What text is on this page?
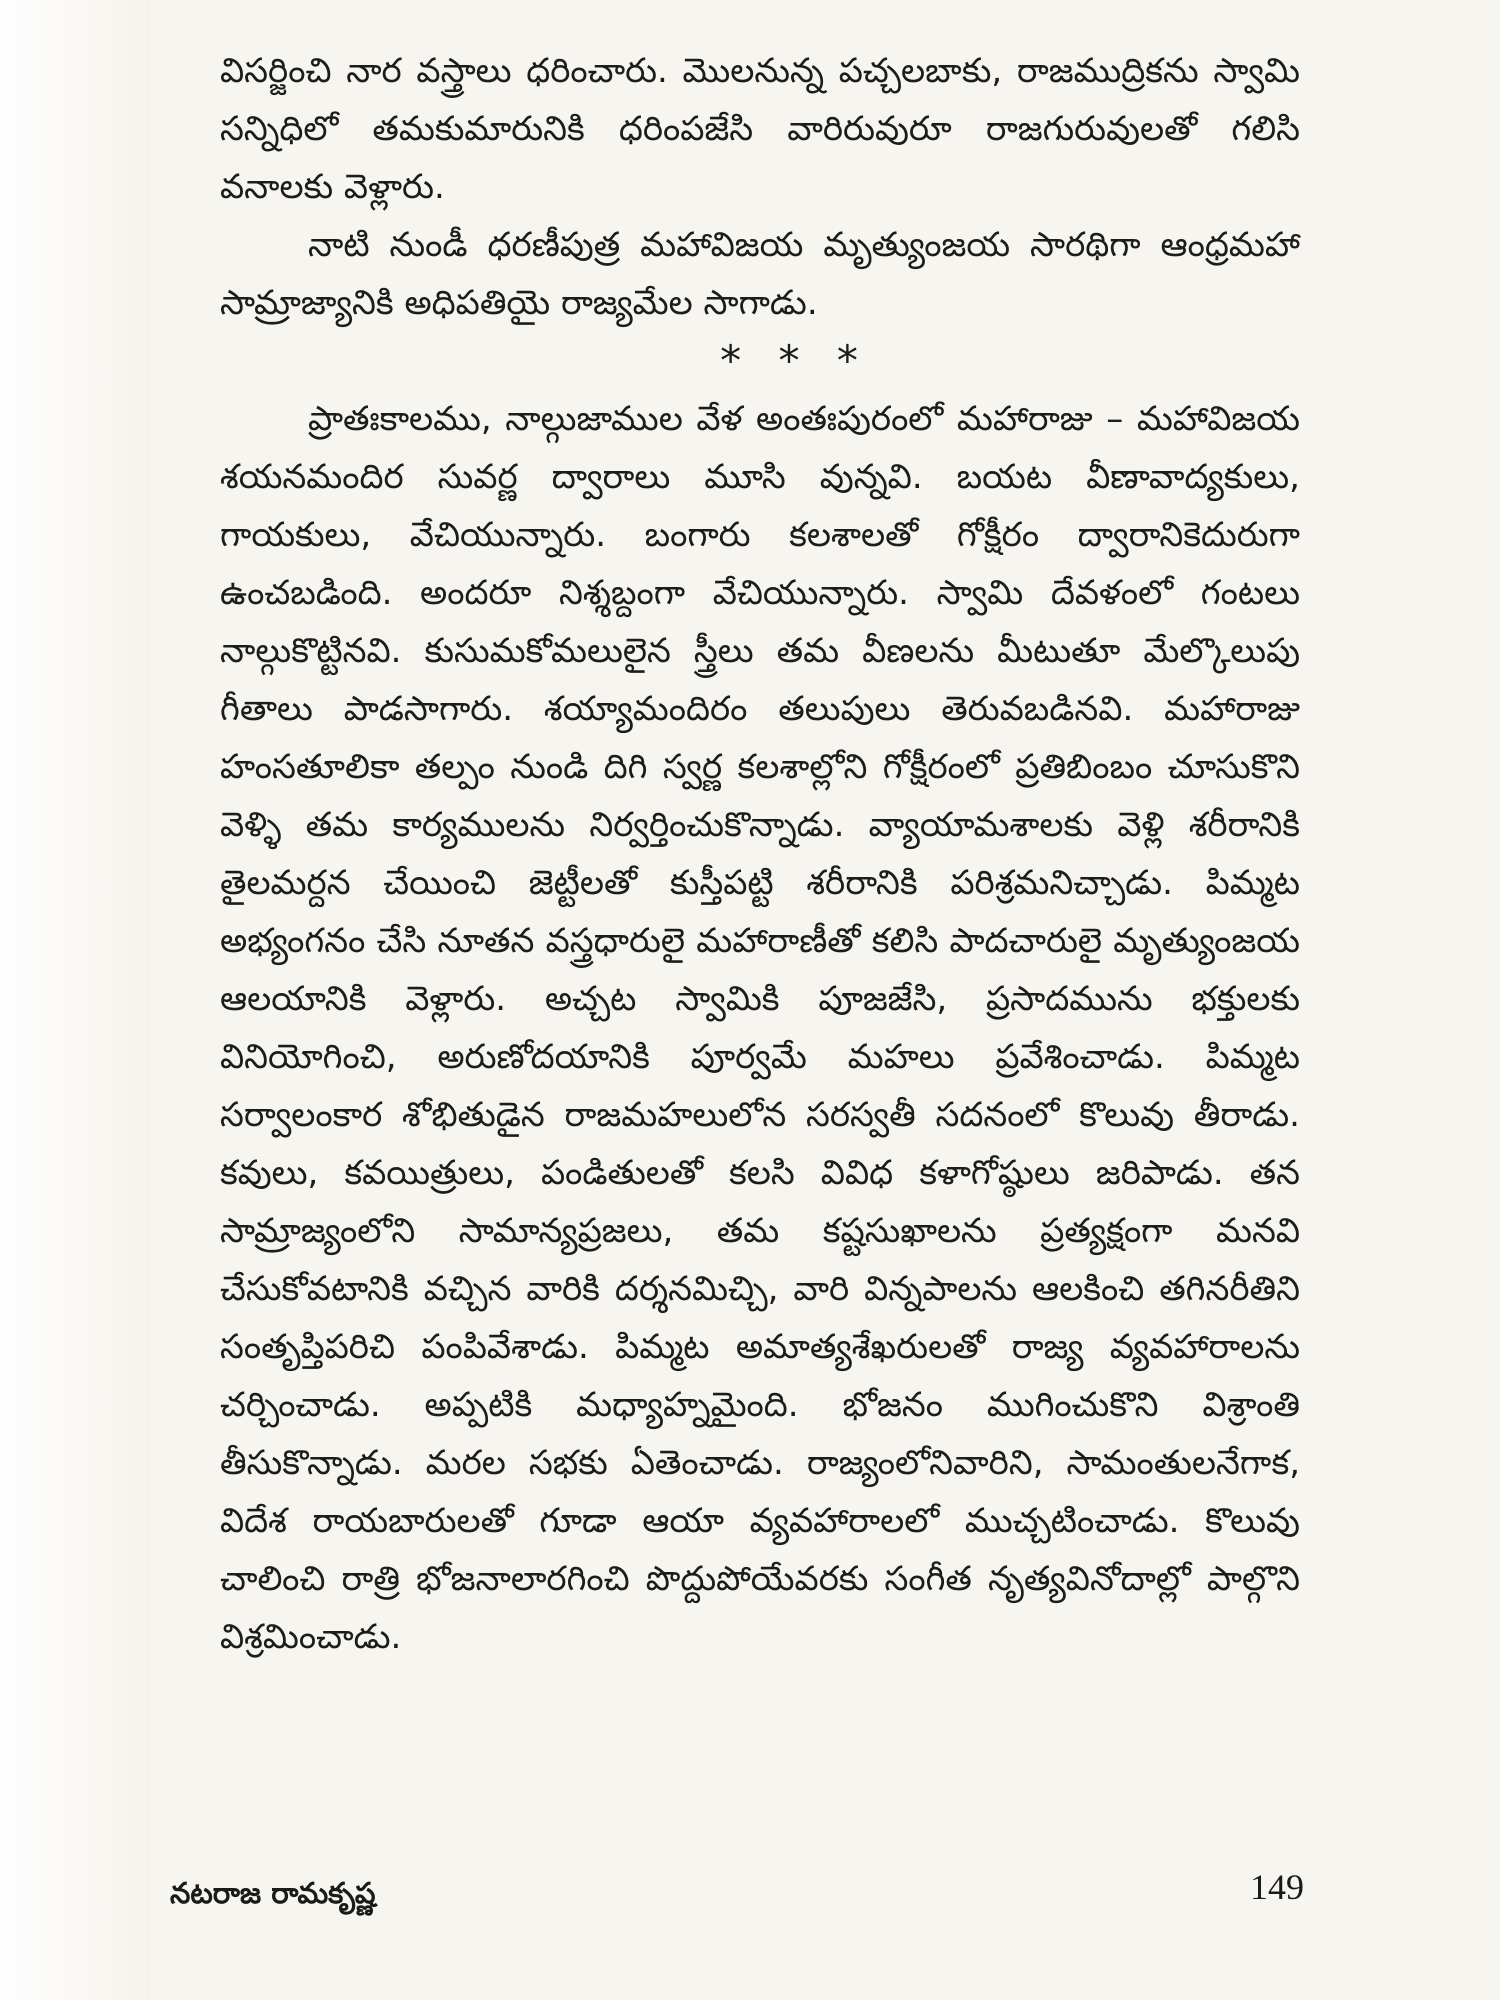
విసర్జించి నార వస్త్రాలు ధరించారు. మొలనున్న పచ్చలబాకు, రాజముద్రికను స్వామి సన్నిధిలో తమకుమారునికి ధరింపజేసి వారిరువురూ రాజగురువులతో గలిసి వనాలకు వెళ్లారు.

నాటి నుండీ ధరణీపుత్ర మహావిజయ మృత్యుంజయ సారథిగా ఆంధ్రమహా సామ్రాజ్యానికి అధిపతియై రాజ్యమేల సాగాడు.

* * *

ప్రాతఃకాలము, నాల్గుజాముల వేళ అంతఃపురంలో మహారాజు – మహావిజయ శయనమందిర సువర్ణ ద్వారాలు మూసి వున్నవి. బయట వీణావాద్యకులు, గాయకులు, వేచియున్నారు. బంగారు కలశాలతో గోక్షీరం ద్వారానికెదురుగా ఉంచబడింది. అందరూ నిశ్శబ్దంగా వేచియున్నారు. స్వామి దేవళంలో గంటలు నాల్గుకొట్టినవి. కుసుమకోమలులైన స్త్రీలు తమ వీణలను మీటుతూ మేల్కొలుపు గీతాలు పాడసాగారు. శయ్యామందిరం తలుపులు తెరువబడినవి. మహారాజు హంసతూలికా తల్పం నుండి దిగి స్వర్ణ కలశాల్లోని గోక్షీరంలో ప్రతిబింబం చూసుకొని వెళ్ళి తమ కార్యములను నిర్వర్తించుకొన్నాడు. వ్యాయామశాలకు వెళ్లి శరీరానికి తైలమర్దన చేయించి జెట్టీలతో కుస్తీపట్టి శరీరానికి పరిశ్రమనిచ్చాడు. పిమ్మట అభ్యంగనం చేసి నూతన వస్త్రధారులై మహారాణీతో కలిసి పాదచారులై మృత్యుంజయ ఆలయానికి వెళ్లారు. అచ్చట స్వామికి పూజజేసి, ప్రసాదమును భక్తులకు వినియోగించి, అరుణోదయానికి పూర్వమే మహలు ప్రవేశించాడు. పిమ్మట సర్వాలంకార శోభితుడైన రాజమహలులోన సరస్వతీ సదనంలో కొలువు తీరాడు. కవులు, కవయిత్రులు, పండితులతో కలసి వివిధ కళాగోష్ఠులు జరిపాడు. తన సామ్రాజ్యంలోని సామాన్యప్రజలు, తమ కష్టసుఖాలను ప్రత్యక్షంగా మనవి చేసుకోవటానికి వచ్చిన వారికి దర్శనమిచ్చి, వారి విన్నపాలను ఆలకించి తగినరీతిని సంతృప్తిపరిచి పంపివేశాడు. పిమ్మట అమాత్యశేఖరులతో రాజ్య వ్యవహారాలను చర్చించాడు. అప్పటికి మధ్యాహ్నమైంది. భోజనం ముగించుకొని విశ్రాంతి తీసుకొన్నాడు. మరల సభకు ఏతెంచాడు. రాజ్యంలోనివారిని, సామంతులనేగాక, విదేశ రాయబారులతో గూడా ఆయా వ్యవహారాలలో ముచ్చటించాడు. కొలువు చాలించి రాత్రి భోజనాలారగించి పొద్దుపోయేవరకు సంగీత నృత్యవినోదాల్లో పాల్గొని విశ్రమించాడు.

నటరాజ రామకృష్ణ	149
